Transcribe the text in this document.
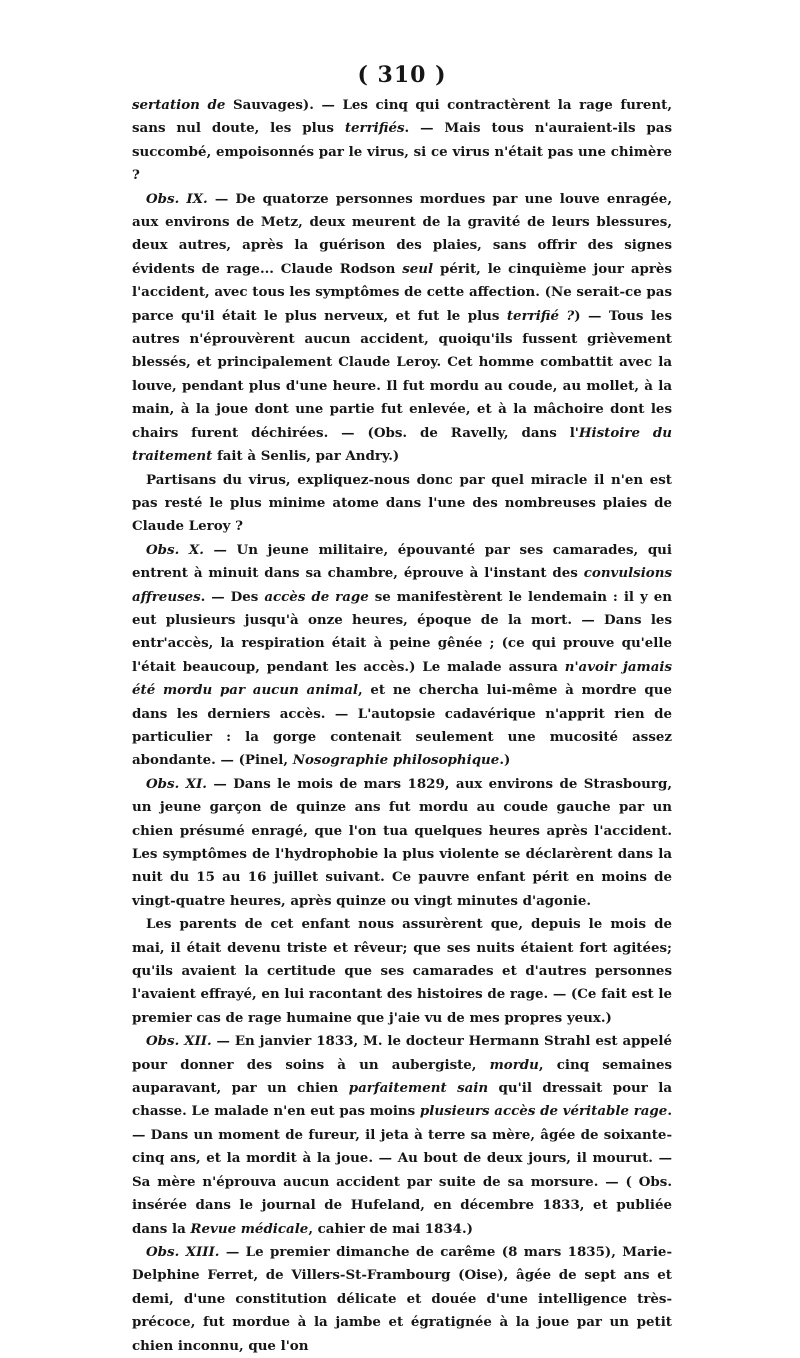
( 310 )

sertation de Sauvages). — Les cinq qui contractèrent la rage furent, sans nul doute, les plus terrifiés. — Mais tous n'auraient-ils pas succombé, empoisonnés par le virus, si ce virus n'était pas une chimère ?

Obs. IX. — De quatorze personnes mordues par une louve enragée, aux environs de Metz, deux meurent de la gravité de leurs blessures, deux autres, après la guérison des plaies, sans offrir des signes évidents de rage... Claude Rodson seul périt, le cinquième jour après l'accident, avec tous les symptômes de cette affection. (Ne serait-ce pas parce qu'il était le plus nerveux, et fut le plus terrifié ?) — Tous les autres n'éprouvèrent aucun accident, quoiqu'ils fussent grièvement blessés, et principalement Claude Leroy. Cet homme combattit avec la louve, pendant plus d'une heure. Il fut mordu au coude, au mollet, à la main, à la joue dont une partie fut enlevée, et à la mâchoire dont les chairs furent déchirées. — (Obs. de Ravelly, dans l'Histoire du traitement fait à Senlis, par Andry.)

Partisans du virus, expliquez-nous donc par quel miracle il n'en est pas resté le plus minime atome dans l'une des nombreuses plaies de Claude Leroy ?

Obs. X. — Un jeune militaire, épouvanté par ses camarades, qui entrent à minuit dans sa chambre, éprouve à l'instant des convulsions affreuses. — Des accès de rage se manifestèrent le lendemain : il y en eut plusieurs jusqu'à onze heures, époque de la mort. — Dans les entr'accès, la respiration était à peine gênée ; (ce qui prouve qu'elle l'était beaucoup, pendant les accès.) Le malade assura n'avoir jamais été mordu par aucun animal, et ne chercha lui-même à mordre que dans les derniers accès. — L'autopsie cadavérique n'apprit rien de particulier : la gorge contenait seulement une mucosité assez abondante. — (Pinel, Nosographie philosophique.)

Obs. XI. — Dans le mois de mars 1829, aux environs de Strasbourg, un jeune garçon de quinze ans fut mordu au coude gauche par un chien présumé enragé, que l'on tua quelques heures après l'accident. Les symptômes de l'hydrophobie la plus violente se déclarèrent dans la nuit du 15 au 16 juillet suivant. Ce pauvre enfant périt en moins de vingt-quatre heures, après quinze ou vingt minutes d'agonie.

Les parents de cet enfant nous assurèrent que, depuis le mois de mai, il était devenu triste et rêveur; que ses nuits étaient fort agitées; qu'ils avaient la certitude que ses camarades et d'autres personnes l'avaient effrayé, en lui racontant des histoires de rage. — (Ce fait est le premier cas de rage humaine que j'aie vu de mes propres yeux.)

Obs. XII. — En janvier 1833, M. le docteur Hermann Strahl est appelé pour donner des soins à un aubergiste, mordu, cinq semaines auparavant, par un chien parfaitement sain qu'il dressait pour la chasse. Le malade n'en eut pas moins plusieurs accès de véritable rage. — Dans un moment de fureur, il jeta à terre sa mère, âgée de soixante-cinq ans, et la mordit à la joue. — Au bout de deux jours, il mourut. — Sa mère n'éprouva aucun accident par suite de sa morsure. — ( Obs. insérée dans le journal de Hufeland, en décembre 1833, et publiée dans la Revue médicale, cahier de mai 1834.)

Obs. XIII. — Le premier dimanche de carême (8 mars 1835), Marie-Delphine Ferret, de Villers-St-Frambourg (Oise), âgée de sept ans et demi, d'une constitution délicate et douée d'une intelligence très-précoce, fut mordue à la jambe et égratignée à la joue par un petit chien inconnu, que l'on
